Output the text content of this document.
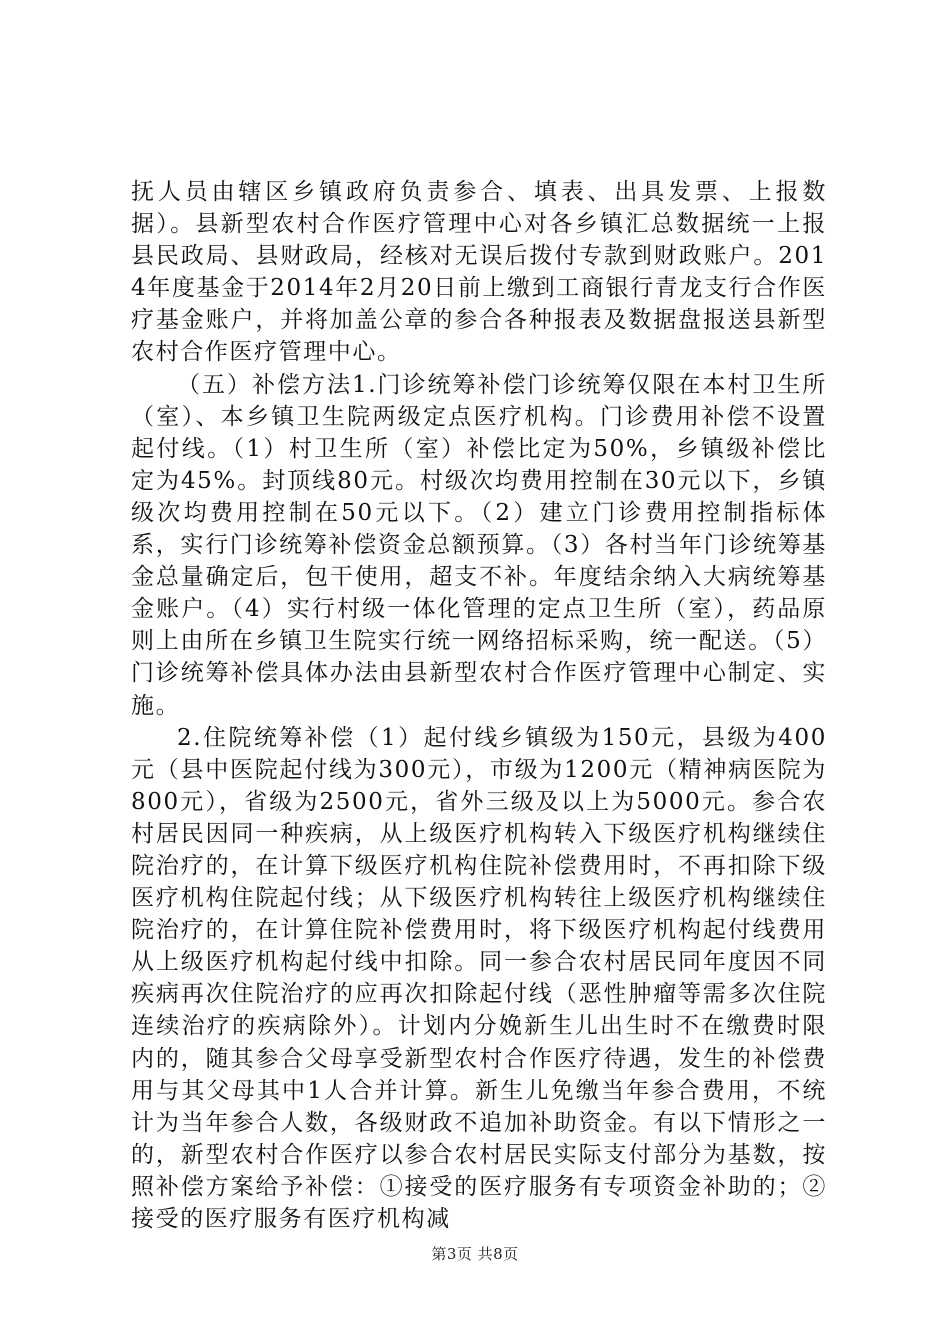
抚人员由辖区乡镇政府负责参合、填表、出具发票、上报数据）。县新型农村合作医疗管理中心对各乡镇汇总数据统一上报县民政局、县财政局，经核对无误后拨付专款到财政账户。2014年度基金于2014年2月20日前上缴到工商银行青龙支行合作医疗基金账户，并将加盖公章的参合各种报表及数据盘报送县新型农村合作医疗管理中心。

（五）补偿方法1.门诊统筹补偿门诊统筹仅限在本村卫生所（室）、本乡镇卫生院两级定点医疗机构。门诊费用补偿不设置起付线。（1）村卫生所（室）补偿比定为50%，乡镇级补偿比定为45%。封顶线80元。村级次均费用控制在30元以下，乡镇级次均费用控制在50元以下。（2）建立门诊费用控制指标体系，实行门诊统筹补偿资金总额预算。（3）各村当年门诊统筹基金总量确定后，包干使用，超支不补。年度结余纳入大病统筹基金账户。（4）实行村级一体化管理的定点卫生所（室），药品原则上由所在乡镇卫生院实行统一网络招标采购，统一配送。（5）门诊统筹补偿具体办法由县新型农村合作医疗管理中心制定、实施。

2.住院统筹补偿（1）起付线乡镇级为150元，县级为400元（县中医院起付线为300元），市级为1200元（精神病医院为800元），省级为2500元，省外三级及以上为5000元。参合农村居民因同一种疾病，从上级医疗机构转入下级医疗机构继续住院治疗的，在计算下级医疗机构住院补偿费用时，不再扣除下级医疗机构住院起付线；从下级医疗机构转往上级医疗机构继续住院治疗的，在计算住院补偿费用时，将下级医疗机构起付线费用从上级医疗机构起付线中扣除。同一参合农村居民同年度因不同疾病再次住院治疗的应再次扣除起付线（恶性肿瘤等需多次住院连续治疗的疾病除外）。计划内分娩新生儿出生时不在缴费时限内的，随其参合父母享受新型农村合作医疗待遇，发生的补偿费用与其父母其中1人合并计算。新生儿免缴当年参合费用，不统计为当年参合人数，各级财政不追加补助资金。有以下情形之一的，新型农村合作医疗以参合农村居民实际支付部分为基数，按照补偿方案给予补偿：①接受的医疗服务有专项资金补助的；②接受的医疗服务有医疗机构减

第3页 共8页
